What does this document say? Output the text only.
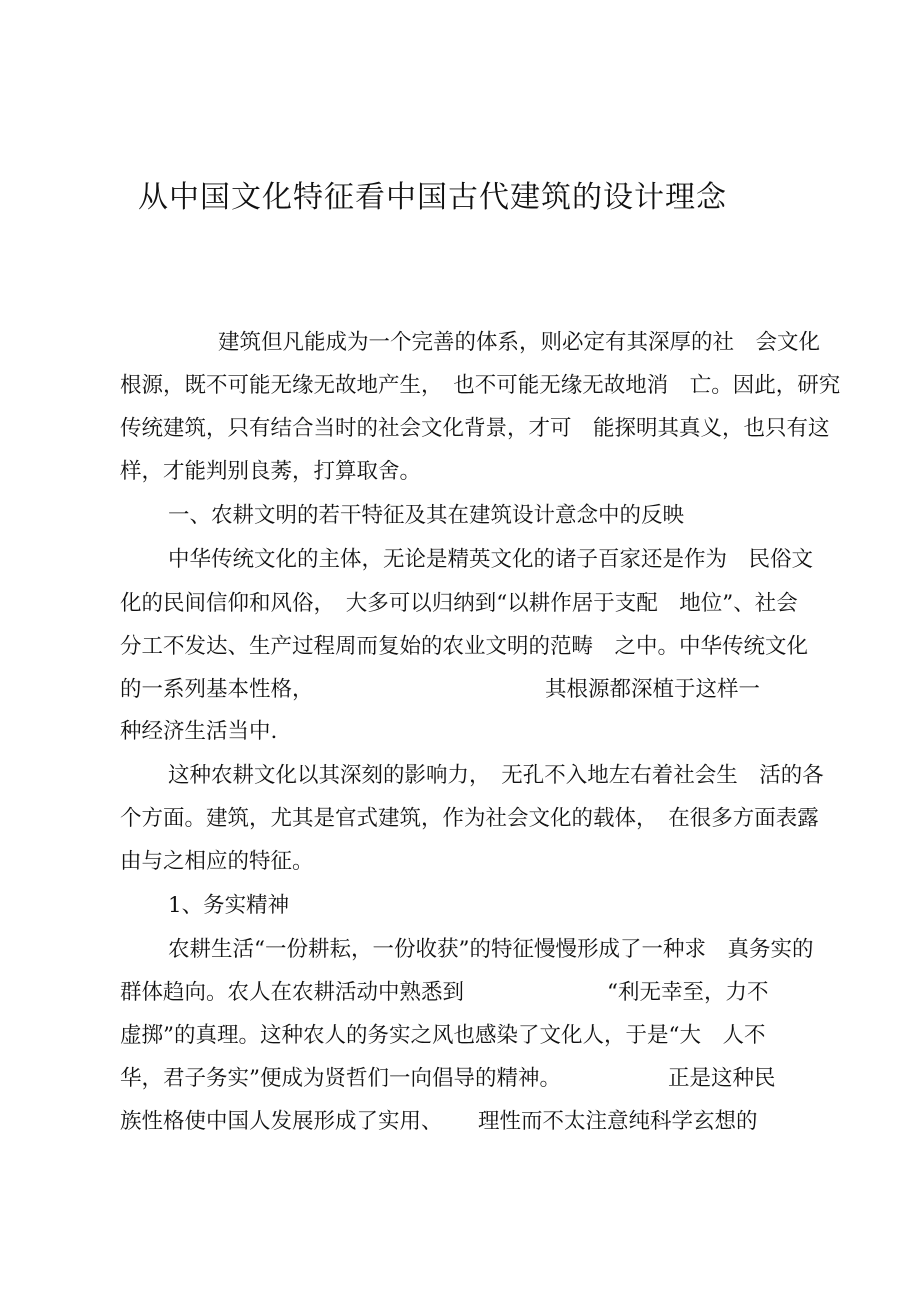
从中国文化特征看中国古代建筑的设计理念
建筑但凡能成为一个完善的体系，则必定有其深厚的社　会文化
根源，既不可能无缘无故地产生，　也不可能无缘无故地消　亡。因此，研究
传统建筑，只有结合当时的社会文化背景，才可　能探明其真义，也只有这
样，才能判别良莠，打算取舍。
一、农耕文明的若干特征及其在建筑设计意念中的反映
中华传统文化的主体，无论是精英文化的诸子百家还是作为　民俗文
化的民间信仰和风俗，　大多可以归纳到“以耕作居于支配　地位”、社会
分工不发达、生产过程周而复始的农业文明的范畴　之中。中华传统文化
的一系列基本性格，	其根源都深植于这样一
种经济生活当中.
这种农耕文化以其深刻的影响力，　无孔不入地左右着社会生　活的各
个方面。建筑，尤其是官式建筑，作为社会文化的载体，　在很多方面表露
由与之相应的特征。
1、务实精神
农耕生活“一份耕耘，一份收获”的特征慢慢形成了一种求　真务实的
群体趋向。农人在农耕活动中熟悉到	“利无幸至，力不
虚掷”的真理。这种农人的务实之风也感染了文化人，于是“大　人不
华，君子务实”便成为贤哲们一向倡导的精神。	正是这种民
族性格使中国人发展形成了实用、 理性而不太注意纯科学玄想的
